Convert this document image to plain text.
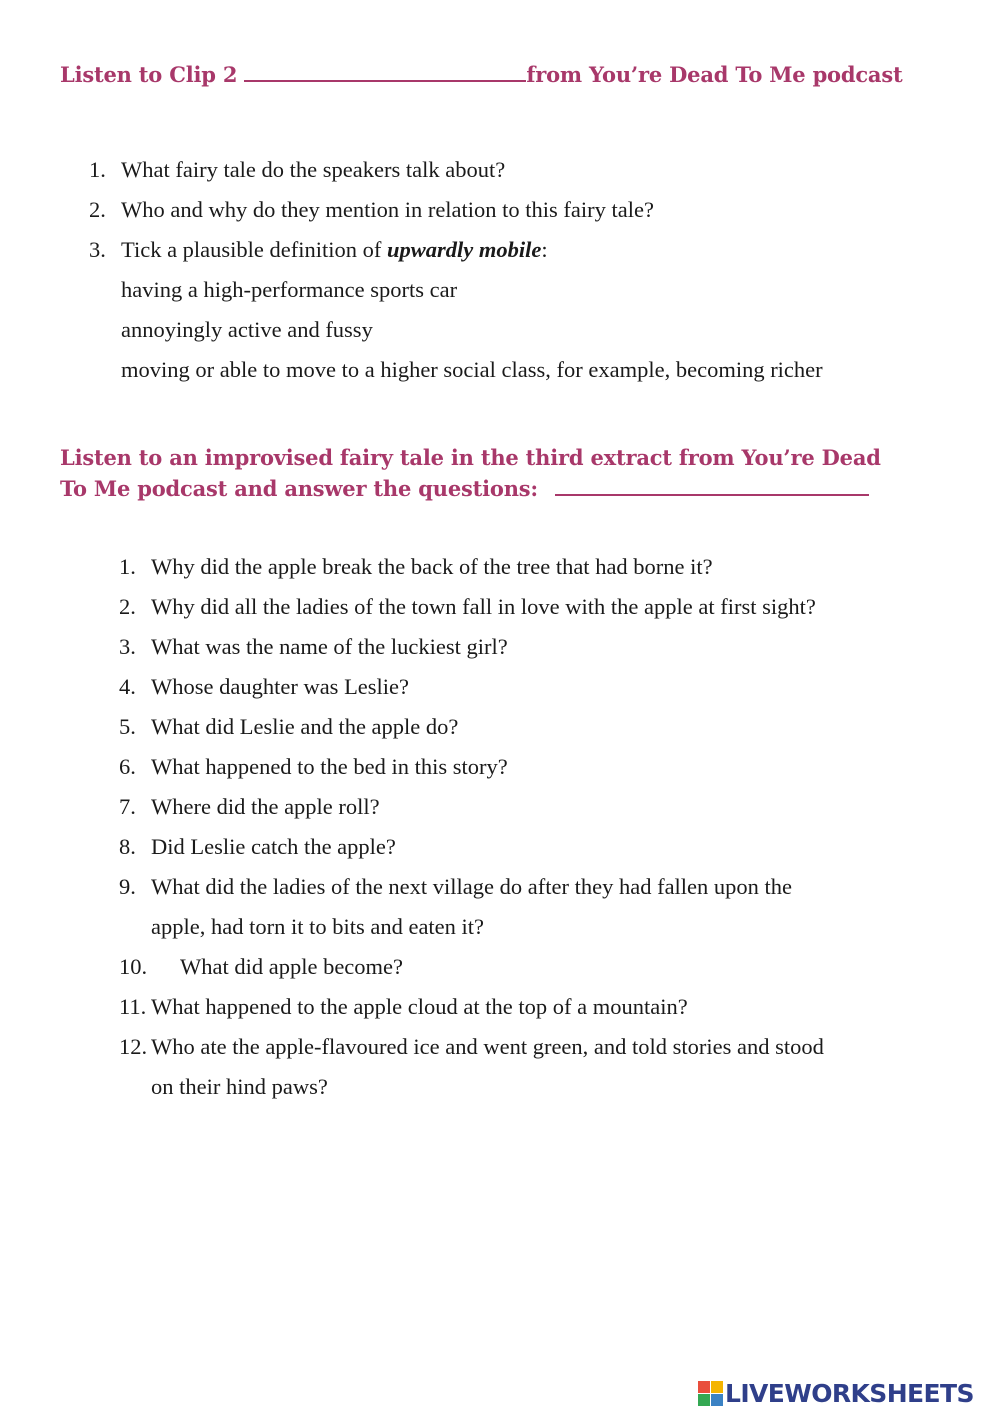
Listen to Clip 2	from You’re Dead To Me podcast
1. What fairy tale do the speakers talk about?
2. Who and why do they mention in relation to this fairy tale?
3. Tick a plausible definition of upwardly mobile:
having a high-performance sports car
annoyingly active and fussy
moving or able to move to a higher social class, for example, becoming richer
Listen to an improvised fairy tale in the third extract from You’re Dead
To Me podcast and answer the questions:
1. Why did the apple break the back of the tree that had borne it?
2. Why did all the ladies of the town fall in love with the apple at first sight?
3. What was the name of the luckiest girl?
4. Whose daughter was Leslie?
5. What did Leslie and the apple do?
6. What happened to the bed in this story?
7. Where did the apple roll?
8. Did Leslie catch the apple?
9. What did the ladies of the next village do after they had fallen upon the
apple, had torn it to bits and eaten it?
10. What did apple become?
11. What happened to the apple cloud at the top of a mountain?
12. Who ate the apple-flavoured ice and went green, and told stories and stood
on their hind paws?
LIVEWORKSHEETS
